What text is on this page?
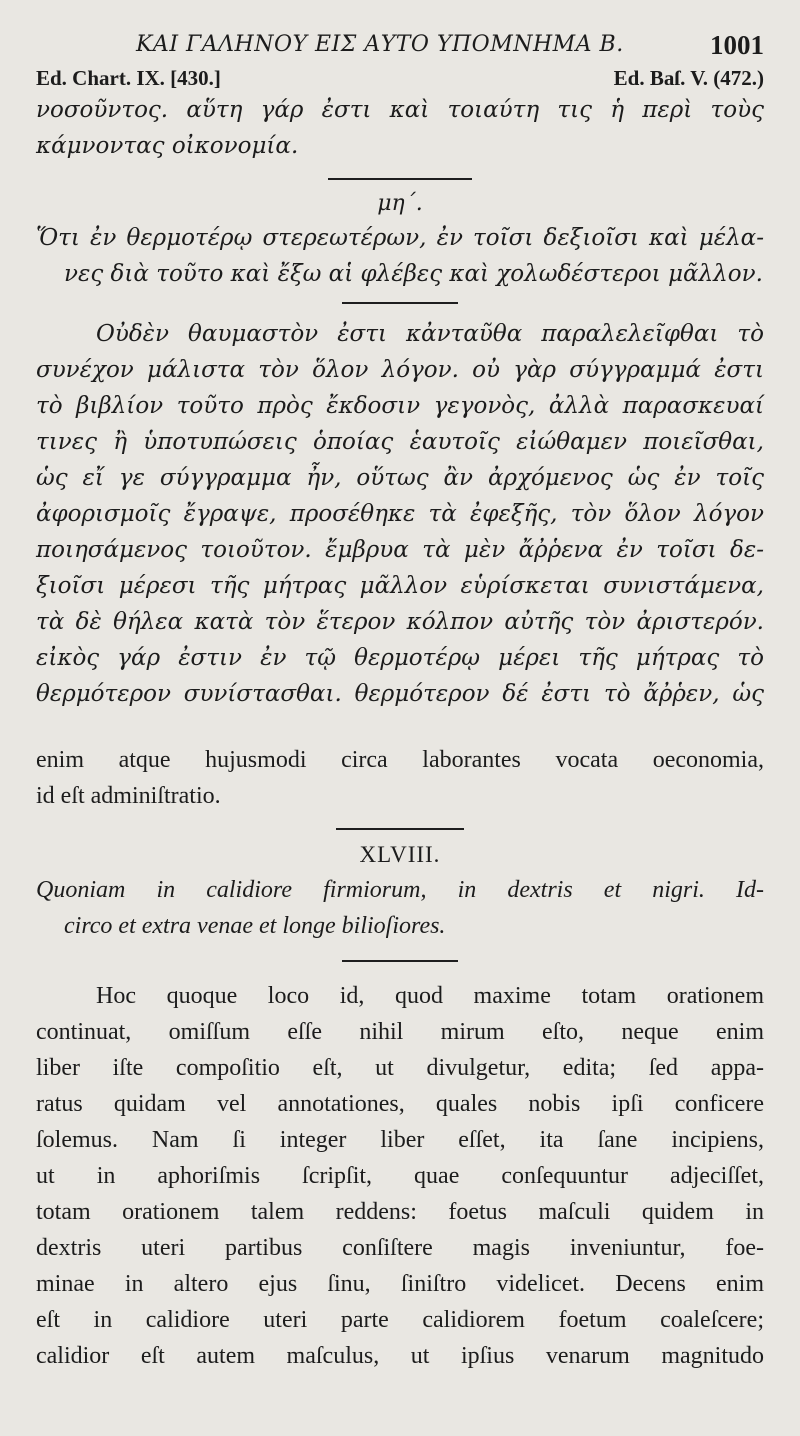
ΚΑΙ ΓΑΛΗΝΟΥ ΕΙΣ ΑΥΤΟ ΥΠΟΜΝΗΜΑ Β.	1001
Ed. Chart. IX. [430.]	Ed. Baſ. V. (472.)
νοσοῦντος. αὕτη γάρ ἐστι καὶ τοιαύτη τις ἡ περὶ τοὺς
κάμνοντας οἰκονομία.
μη΄.
Ὅτι ἐν θερμοτέρῳ στερεωτέρων, ἐν τοῖσι δεξιοῖσι καὶ μέλα-
νες διὰ τοῦτο καὶ ἔξω αἱ φλέβες καὶ χολωδέστεροι μᾶλλον.
Οὐδὲν θαυμαστὸν ἐστι κἀνταῦθα παραλελεῖφθαι τὸ
συνέχον μάλιστα τὸν ὅλον λόγον. οὐ γὰρ σύγγραμμά ἐστι
τὸ βιβλίον τοῦτο πρὸς ἔκδοσιν γεγονὸς, ἀλλὰ παρασκευαί
τινες ἢ ὑποτυπώσεις ὁποίας ἑαυτοῖς εἰώθαμεν ποιεῖσθαι,
ὡς εἴ γε σύγγραμμα ἦν, οὕτως ἂν ἀρχόμενος ὡς ἐν τοῖς
ἀφορισμοῖς ἔγραψε, προσέθηκε τὰ ἐφεξῆς, τὸν ὅλον λόγον
ποιησάμενος τοιοῦτον. ἔμβρυα τὰ μὲν ἄῤῥενα ἐν τοῖσι δε-
ξιοῖσι μέρεσι τῆς μήτρας μᾶλλον εὑρίσκεται συνιστάμενα,
τὰ δὲ θήλεα κατὰ τὸν ἕτερον κόλπον αὐτῆς τὸν ἀριστερόν.
εἰκὸς γάρ ἐστιν ἐν τῷ θερμοτέρῳ μέρει τῆς μήτρας τὸ
θερμότερον συνίστασθαι. θερμότερον δέ ἐστι τὸ ἄῤῥεν, ὡς
enim atque hujusmodi circa laborantes vocata oeconomia,
id eſt adminiſtratio.
XLVIII.
Quoniam in calidiore firmiorum, in dextris et nigri. Id-
circo et extra venae et longe bilioſiores.
Hoc quoque loco id, quod maxime totam orationem
continuat, omiſſum eſſe nihil mirum eſto, neque enim
liber iſte compoſitio eſt, ut divulgetur, edita; ſed appa-
ratus quidam vel annotationes, quales nobis ipſi conficere
ſolemus. Nam ſi integer liber eſſet, ita ſane incipiens,
ut in aphoriſmis ſcripſit, quae conſequuntur adjeciſſet,
totam orationem talem reddens: foetus maſculi quidem in
dextris uteri partibus conſiſtere magis inveniuntur, foe-
minae in altero ejus ſinu, ſiniſtro videlicet. Decens enim
eſt in calidiore uteri parte calidiorem foetum coaleſcere;
calidior eſt autem maſculus, ut ipſius venarum magnitudo
